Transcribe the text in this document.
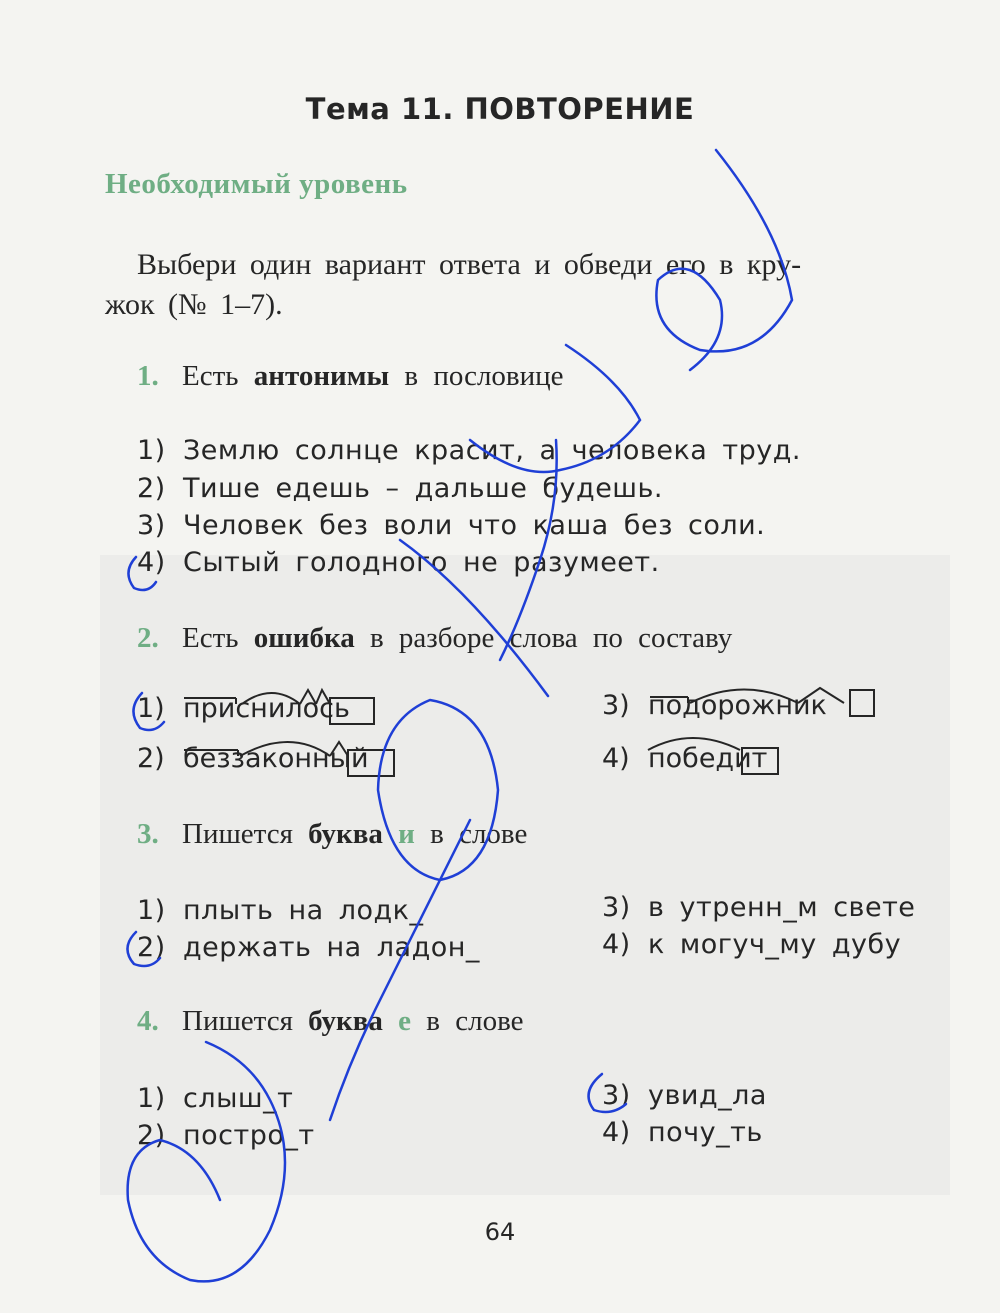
Тема 11. ПОВТОРЕНИЕ
Необходимый уровень
Выбери один вариант ответа и обведи его в кру-
жок (№ 1–7).
1. Есть антонимы в пословице
1) Землю солнце красит, а человека труд.
2) Тише едешь – дальше будешь.
3) Человек без воли что каша без соли.
4) Сытый голодного не разумеет.
2. Есть ошибка в разборе слова по составу
1) приснилось
2) беззаконный
3) подорожник
4) победит
3. Пишется буква и в слове
1) плыть на лодк_
2) держать на ладон_
3) в утренн_м свете
4) к могуч_му дубу
4. Пишется буква е в слове
1) слыш_т
2) постро_т
3) увид_ла
4) почу_ть
64
